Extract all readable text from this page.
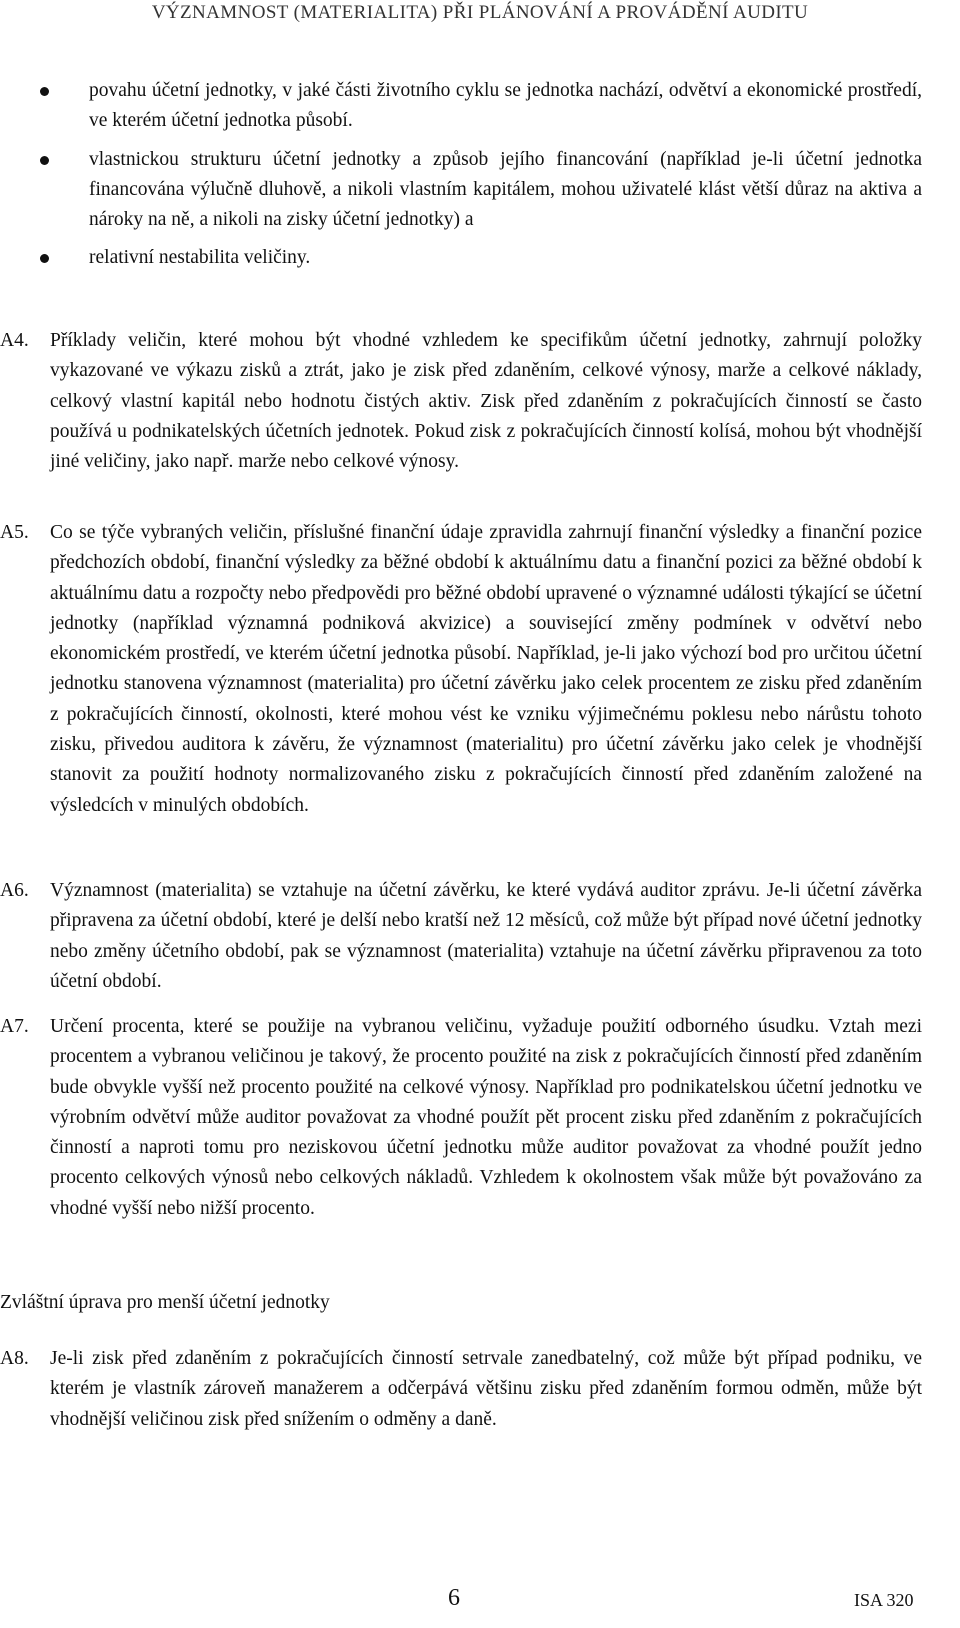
VÝZNAMNOST (MATERIALITA) PŘI PLÁNOVÁNÍ A PROVÁDĚNÍ AUDITU
povahu účetní jednotky, v jaké části životního cyklu se jednotka nachází, odvětví a ekonomické prostředí, ve kterém účetní jednotka působí.
vlastnickou strukturu účetní jednotky a způsob jejího financování (například je-li účetní jednotka financována výlučně dluhově, a nikoli vlastním kapitálem, mohou uživatelé klást větší důraz na aktiva a nároky na ně, a nikoli na zisky účetní jednotky) a
relativní nestabilita veličiny.
A4.	Příklady veličin, které mohou být vhodné vzhledem ke specifikům účetní jednotky, zahrnují položky vykazované ve výkazu zisků a ztrát, jako je zisk před zdaněním, celkové výnosy, marže a celkové náklady, celkový vlastní kapitál nebo hodnotu čistých aktiv. Zisk před zdaněním z pokračujících činností se často používá u podnikatelských účetních jednotek. Pokud zisk z pokračujících činností kolísá, mohou být vhodnější jiné veličiny, jako např. marže nebo celkové výnosy.
A5.	Co se týče vybraných veličin, příslušné finanční údaje zpravidla zahrnují finanční výsledky a finanční pozice předchozích období, finanční výsledky za běžné období k aktuálnímu datu a finanční pozici za běžné období k aktuálnímu datu a rozpočty nebo předpovědi pro běžné období upravené o významné události týkající se účetní jednotky (například významná podniková akvizice) a související změny podmínek v odvětví nebo ekonomickém prostředí, ve kterém účetní jednotka působí. Například, je-li jako výchozí bod pro určitou účetní jednotku stanovena významnost (materialita) pro účetní závěrku jako celek procentem ze zisku před zdaněním z pokračujících činností, okolnosti, které mohou vést ke vzniku výjimečnému poklesu nebo nárůstu tohoto zisku, přivedou auditora k závěru, že významnost (materialitu) pro účetní závěrku jako celek je vhodnější stanovit za použití hodnoty normalizovaného zisku z pokračujících činností před zdaněním založené na výsledcích v minulých obdobích.
A6.	Významnost (materialita) se vztahuje na účetní závěrku, ke které vydává auditor zprávu. Je-li účetní závěrka připravena za účetní období, které je delší nebo kratší než 12 měsíců, což může být případ nové účetní jednotky nebo změny účetního období, pak se významnost (materialita) vztahuje na účetní závěrku připravenou za toto účetní období.
A7.	Určení procenta, které se použije na vybranou veličinu, vyžaduje použití odborného úsudku. Vztah mezi procentem a vybranou veličinou je takový, že procento použité na zisk z pokračujících činností před zdaněním bude obvykle vyšší než procento použité na celkové výnosy. Například pro podnikatelskou účetní jednotku ve výrobním odvětví může auditor považovat za vhodné použít pět procent zisku před zdaněním z pokračujících činností a naproti tomu pro neziskovou účetní jednotku může auditor považovat za vhodné použít jedno procento celkových výnosů nebo celkových nákladů. Vzhledem k okolnostem však může být považováno za vhodné vyšší nebo nižší procento.
Zvláštní úprava pro menší účetní jednotky
A8.	Je-li zisk před zdaněním z pokračujících činností setrvale zanedbatelný, což může být případ podniku, ve kterém je vlastník zároveň manažerem a odčerpává většinu zisku před zdaněním formou odměn, může být vhodnější veličinou zisk před snížením o odměny a daně.
6	ISA 320
